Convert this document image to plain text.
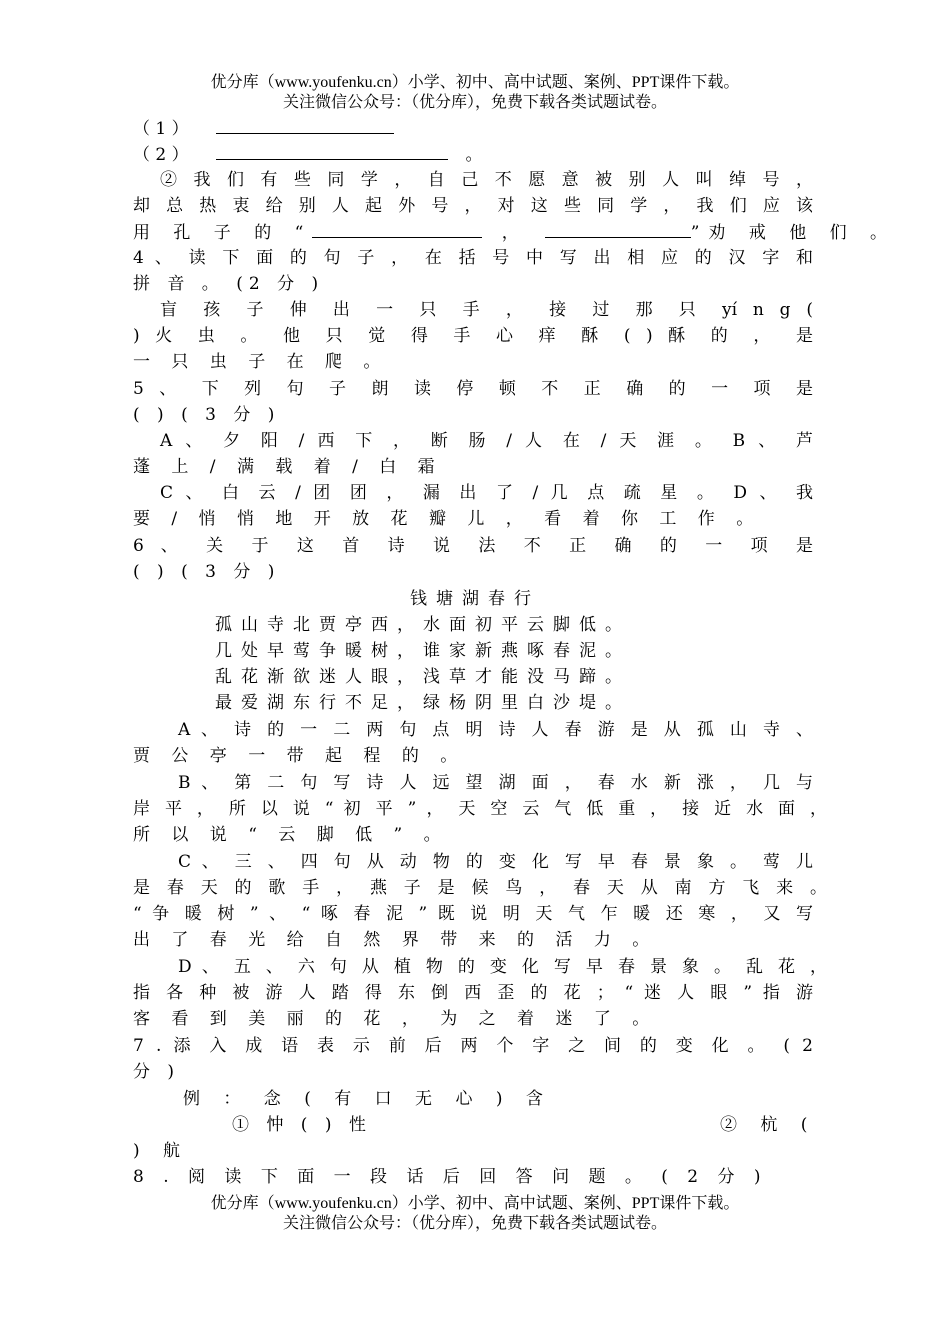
优分库（www.youfenku.cn）小学、初中、高中试题、案例、PPT课件下载。
关注微信公众号：（优分库），免费下载各类试题试卷。
（ 1 ）
（ 2 ）	。
② 我 们 有 些 同 学 ， 自 己 不 愿 意 被 别 人 叫 绰 号 ，
却 总 热 衷 给 别 人 起 外 号 ， 对 这 些 同 学 ， 我 们 应 该
用 孔 子 的 “	，	”劝 戒 他 们 。
4 、 读 下 面 的 句 子 ， 在 括 号 中 写 出 相 应 的 汉 字 和
拼 音 。 (2 分 )
盲 孩 子 伸 出 一 只 手 ， 接 过 那 只 yí n g (
) 火 虫 。 他 只 觉 得 手 心 痒 酥 ( ) 酥 的 ， 是
一 只 虫 子 在 爬 。
5 、 下 列 句 子 朗 读 停 顿 不 正 确 的 一 项 是
( ) ( 3 分 )
A 、 夕 阳 / 西 下 ， 断 肠 / 人 在 / 天 涯 。 B 、 芦
蓬 上 / 满 载 着 / 白 霜
C 、 白 云 / 团 团 ， 漏 出 了 / 几 点 疏 星 。 D 、 我
要 / 悄 悄 地 开 放 花 瓣 儿 ， 看 着 你 工 作 。
6 、 关 于 这 首 诗 说 法 不 正 确 的 一 项 是
( ) ( 3 分 )
钱塘湖春行
孤山寺北贾亭西，水面初平云脚低。
几处早莺争暖树，谁家新燕啄春泥。
乱花渐欲迷人眼，浅草才能没马蹄。
最爱湖东行不足，绿杨阴里白沙堤。
A 、 诗 的 一 二 两 句 点 明 诗 人 春 游 是 从 孤 山 寺 、
贾 公 亭 一 带 起 程 的 。
B 、 第 二 句 写 诗 人 远 望 湖 面 ， 春 水 新 涨 ， 几 与
岸 平 ， 所 以 说 “ 初 平 ” ， 天 空 云 气 低 重 ， 接 近 水 面 ，
所 以 说 “ 云 脚 低 ” 。
C 、 三 、 四 句 从 动 物 的 变 化 写 早 春 景 象 。 莺 儿
是 春 天 的 歌 手 ， 燕 子 是 候 鸟 ， 春 天 从 南 方 飞 来 。
“ 争 暖 树 ” 、 “ 啄 春 泥 ” 既 说 明 天 气 乍 暖 还 寒 ， 又 写
出 了 春 光 给 自 然 界 带 来 的 活 力 。
D 、 五 、 六 句 从 植 物 的 变 化 写 早 春 景 象 。 乱 花 ，
指 各 种 被 游 人 踏 得 东 倒 西 歪 的 花 ； “ 迷 人 眼 ” 指 游
客 看 到 美 丽 的 花 ， 为 之 着 迷 了 。
7 . 添 入 成 语 表 示 前 后 两 个 字 之 间 的 变 化 。 ( 2
分 )
例 ： 念 ( 有 口 无 心 ) 含
① 忡 ( ) 性	② 杭 (
) 航
8 . 阅 读 下 面 一 段 话 后 回 答 问 题 。 ( 2 分 )
优分库（www.youfenku.cn）小学、初中、高中试题、案例、PPT课件下载。
关注微信公众号：（优分库），免费下载各类试题试卷。
